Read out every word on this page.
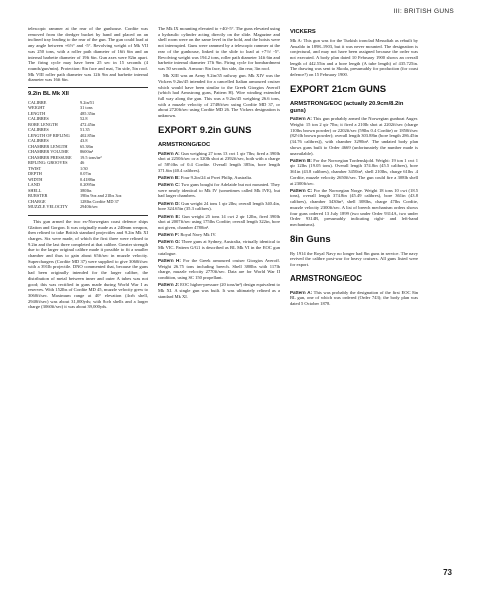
III: BRITISH GUNS

telescopic rammer at the rear of the gunhouse. Cordite was removed from the dredger bucket by hand and placed on an inclined tray leading to the rear of the gun. The gun could load at any angle between +6½° and -5°. Revolving weight of Mk VII was 250 tons, with a roller path diameter of 16ft 6in and an internal barbette diameter of 19ft 6in. Gun axes were 82in apart. The firing cycle may have been 25 sec in 15 seconds (4 rounds/gun/min). Protection: 8in face and mat, 7in side, 5in roof. Mk VIII roller path diameter was 12ft 9in and barbette internal diameter was 16ft 6in.

9.2in BL Mk XII
CALIBRE	9.2in/51
WEIGHT	31 tons
LENGTH	485.35in
CALIBRES	52.8
BORE LENGTH	472.45in
CALIBRES	51.35
LENGTH OF RIFLING	402.85in
CALIBRES	43.8
CHAMBER LENGTH	65.38in
CHAMBER VOLUME	8600in³
CHAMBER PRESSURE	19.5 tons/in²
RIFLING: GROOVES	46
TWIST	1/30
DEPTH	0.07in
WIDTH	0.4188in
LAND	0.2095in
SHELL	380lbs
BURSTER	19lbs 9oz and 21lbs 3oz
CHARGE	128lbs Cordite MD 37
MUZZLE VELOCITY	2940ft/sec

This gun armed the two ex-Norwegian coast defence ships Glatton and Gorgon. It was originally made as a 240mm weapon, then relined to take British standard projectiles and 9.2in Mk XI charges. Six were made, of which the first three were relined to 9.2in and the last three completed at that calibre. Greater strength due to the larger original calibre made it possible to fit a smaller chamber and thus to gain about 65ft/sec in muzzle velocity. Superchargers (Cordite MD 37) were supplied to give 3060ft/sec with a 391lb projectile. DNO commented that, because the guns had been originally intended for the larger calibre, the distribution of metal between inner and outer A tubes was not good; this was rectified in guns made during World War I as reserves. With 152lbs of Cordite MD 45, muzzle velocity grew to 3060ft/sec. Maximum range at 40° elevation (4crh shell, 2940ft/sec) was about 31,000yds; with 8crh shells and a larger charge (3060ft/sec) it was about 39,000yds.

The Mk IX mounting elevated to +40/-5°. The guns elevated using a hydraulic cylinder acting directly on the slide. Magazine and shell room were on the same level in the hold, and the hoists were not interrupted. Guns were rammed by a telescopic rammer at the rear of the gunhouse, linked to the slide to load at +7½/ -5°. Revolving weight was 194.2 tons, roller path diameter 14ft 6in and barbette internal diameter 17ft 9in. Firing cycle for bombardment was 50 seconds. Armour: 8in face, 6in side, 4in rear, 3in roof.

Mk XIII was an Army 9.2in/35 railway gun. Mk XIV was the Vickers 9.2in/45 intended for a cancelled Italian armoured cruiser which would have been similar to the Greek Giorgios Averoff (which had Armstrong guns, Pattern H). Wire winding extended full way along the gun. This was a 9.2in/45 weighing 26.6 tons, with a muzzle velocity of 2748ft/sec using Cordite MD 37, or about 2720ft/sec using Cordite MD 26. The Vickers designation is unknown.

EXPORT 9.2in GUNS
ARMSTRONG/EOC

Pattern A: Gun weighing 27 tons 13 cwt 1 qtr 7lbs; fired a 390lb shot at 2250ft/sec or a 320lb shot at 2392ft/sec, both with a charge of 58½lbs of 0.4 Cordite. Overall length 385in, bore length 371.6in (40.4 calibres).

Pattern B: Four 9.2in/24 at Pwei Philip, Australia.

Pattern C: Two guns bought for Adelaide but not mounted. They were nearly identical to Mk IV (sometimes called Mk IVE), but had larger chambers.

Pattern D: Gun weight 24 tons 1 qtr 2lbs; overall length 340.4in, bore 324.65in (35.3 calibres).

Pattern E: Gun weight 25 tons 14 cwt 2 qtr 12lbs, fired 390lb shot at 2007ft/sec using 175lbs Cordite; overall length 322in, bore not given, chamber 4780in³.

Pattern F: Royal Navy Mk IV.

Pattern G: Three guns at Sydney, Australia, virtually identical to Mk VIC. Pattern G/G1 is described as BL Mk VI in the EOC gun catalogue.

Pattern H: For the Greek armoured cruiser Giorgios Averoff. Weight 26.75 tons including breech. Shell 380lbs with 117lb charge, muzzle velocity 2770ft/sec. Data are for World War II condition, using SC 150 propellant.

Pattern J: EOC higher-pressure (20 tons/in²) design equivalent to Mk XI. A single gun was built. It was ultimately relined as a standard Mk XI.

VICKERS

Mk A: This gun was for the Turkish ironclad Mesudiah as rebuilt by Ansaldo in 1898–1903, but it was never mounted. The designation is conjectural, and may not have been assigned because the order was not executed. A body plan dated 10 February 1900 shows an overall length of 442.55in and a bore length (A tube length) of 435.725in. The drawing was sent to Skoda, presumably for production (for coast defence?) on 15 February 1900.

EXPORT 21cm GUNS
ARMSTRONG/EOC (actually 20.9cm/8.2in guns)

Pattern A: This gun probably armed the Norwegian gunboat Auger. Weight: 15 ton 2 qtr 7lbs; it fired a 210lb shot at 2202ft/sec (charge 110lbs brown powder) or 2202ft/sec (59lbs 0.4 Cordite) or 1850ft/sec (82½lb brown powder); overall length 303.88in (bore length 286.45in (34.76 calibres)), with chamber 3290in³. The undated body plan shows guns built to Order 4669 (unfortunately the number made is unavailable).

Pattern B: For the Norwegian Tordenskjold. Weight: 19 ton 1 cwt 1 qtr 12lbs (19.05 tons). Overall length 374.8in (45.5 calibres), bore 361in (43.8 calibres), chamber 3450in³, shell 210lbs, charge 61lbs .4 Cordite, muzzle velocity 2650ft/sec. The gun could fire a 308lb shell at 2300ft/sec.

Pattern C: For the Norwegian Norge. Weight 18 tons 10 cwt (18.5 tons), overall length 374.8in (45.49 calibres), bore 361in (43.8 calibres), chamber 3430in³, shell 308lbs, charge 47lbs Cordite, muzzle velocity 2300ft/sec. A list of breech mechanism orders shows four guns ordered 13 July 1899 (two under Order 9314A, two under Order 9314B, presumably indicating right- and left-hand mechanisms).

8in Guns

By 1914 the Royal Navy no longer had 8in guns in service. The navy revived the calibre post-war for heavy cruisers. All guns listed were for export.

ARMSTRONG/EOC

Pattern A: This was probably the designation of the first EOC 8in BL gun, one of which was ordered (Order 743); the body plan was dated 5 October 1878.

73
